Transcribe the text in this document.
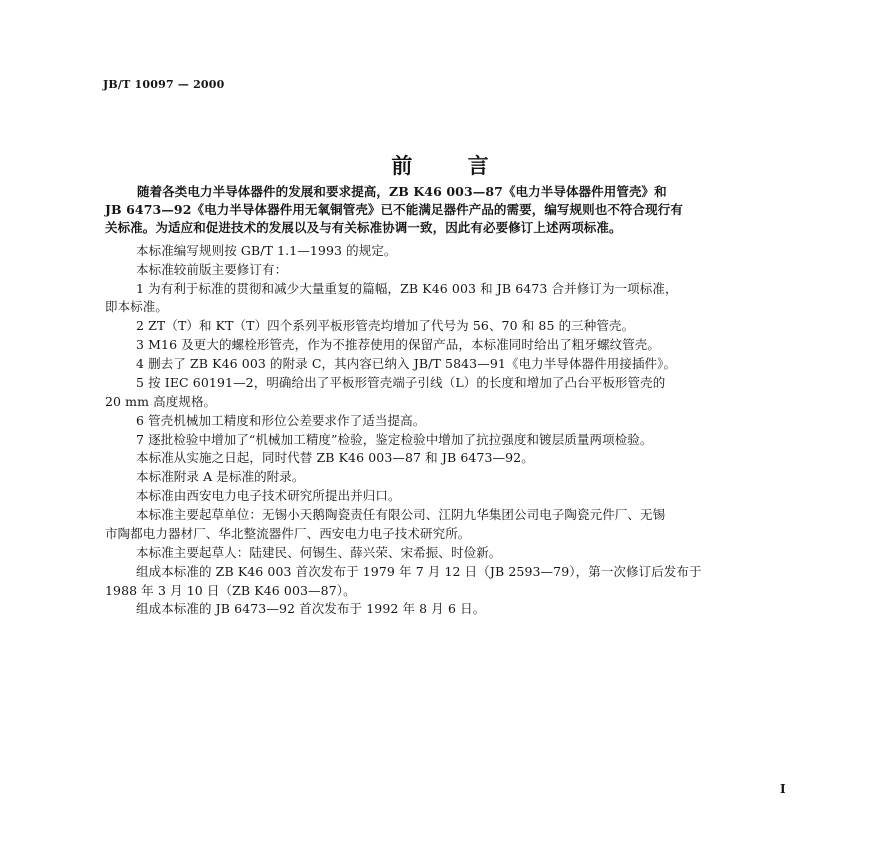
JB/T 10097 — 2000
前 言
随着各类电力半导体器件的发展和要求提高，ZB K46 003—87《电力半导体器件用管壳》和
JB 6473—92《电力半导体器件用无氧铜管壳》已不能满足器件产品的需要，编写规则也不符合现行有
关标准。为适应和促进技术的发展以及与有关标准协调一致，因此有必要修订上述两项标准。
本标准编写规则按 GB/T 1.1—1993 的规定。
本标准较前版主要修订有：
1 为有利于标准的贯彻和减少大量重复的篇幅，ZB K46 003 和 JB 6473 合并修订为一项标准，
即本标准。
2 ZT（T）和 KT（T）四个系列平板形管壳均增加了代号为 56、70 和 85 的三种管壳。
3 M16 及更大的螺栓形管壳，作为不推荐使用的保留产品，本标准同时给出了粗牙螺纹管壳。
4 删去了 ZB K46 003 的附录 C，其内容已纳入 JB/T 5843—91《电力半导体器件用接插件》。
5 按 IEC 60191—2，明确给出了平板形管壳端子引线（L）的长度和增加了凸台平板形管壳的
20 mm 高度规格。
6 管壳机械加工精度和形位公差要求作了适当提高。
7 逐批检验中增加了“机械加工精度”检验，鉴定检验中增加了抗拉强度和镀层质量两项检验。
本标准从实施之日起，同时代替 ZB K46 003—87 和 JB 6473—92。
本标准附录 A 是标准的附录。
本标准由西安电力电子技术研究所提出并归口。
本标准主要起草单位：无锡小天鹅陶瓷责任有限公司、江阴九华集团公司电子陶瓷元件厂、无锡
市陶都电力器材厂、华北整流器件厂、西安电力电子技术研究所。
本标准主要起草人：陆建民、何锡生、薛兴荣、宋希振、时俭新。
组成本标准的 ZB K46 003 首次发布于 1979 年 7 月 12 日（JB 2593—79），第一次修订后发布于
1988 年 3 月 10 日（ZB K46 003—87）。
组成本标准的 JB 6473—92 首次发布于 1992 年 8 月 6 日。
I
